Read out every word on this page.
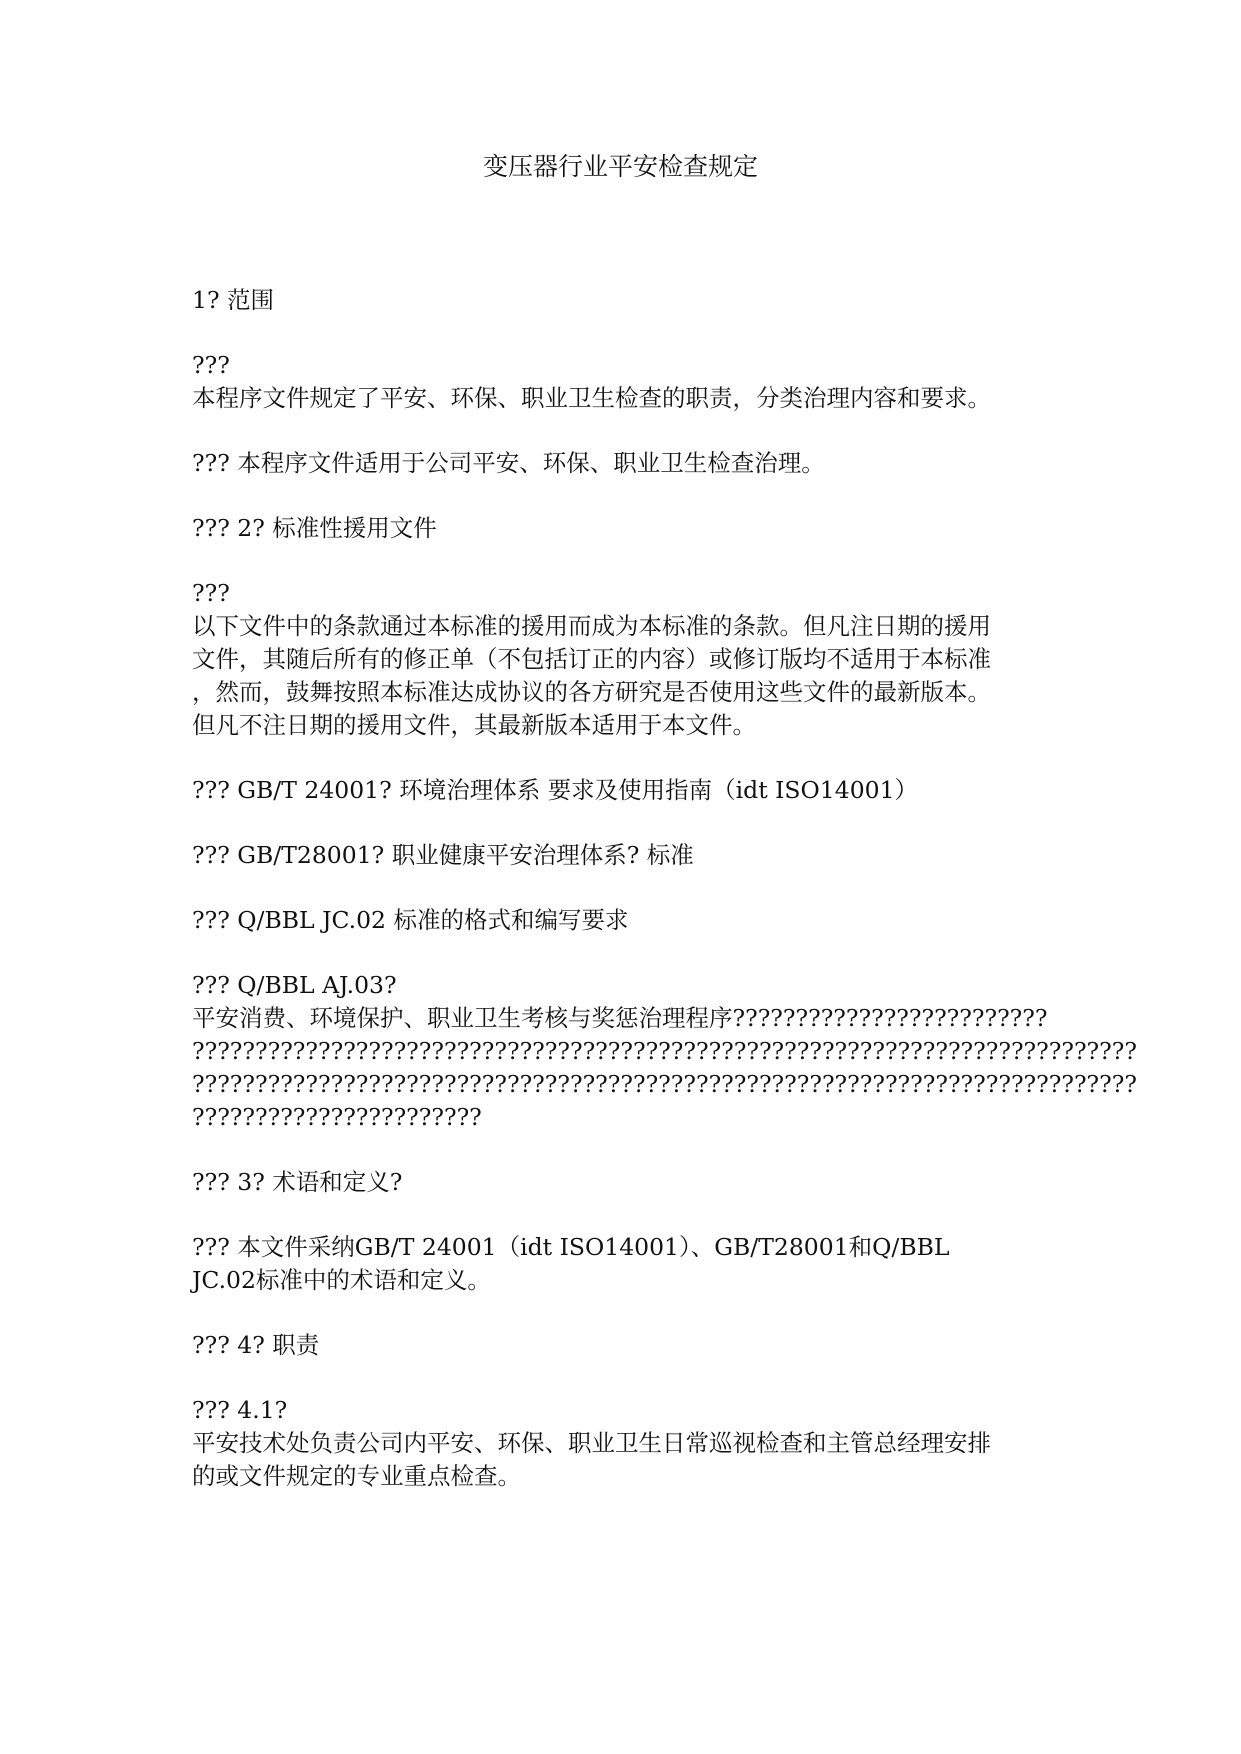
变压器行业平安检查规定
1? 范围
???
本程序文件规定了平安、环保、职业卫生检查的职责，分类治理内容和要求。
??? 本程序文件适用于公司平安、环保、职业卫生检查治理。
??? 2? 标准性援用文件
???
以下文件中的条款通过本标准的援用而成为本标准的条款。但凡注日期的援用
文件，其随后所有的修正单（不包括订正的内容）或修订版均不适用于本标准
，然而，鼓舞按照本标准达成协议的各方研究是否使用这些文件的最新版本。
但凡不注日期的援用文件，其最新版本适用于本文件。
??? GB/T 24001? 环境治理体系 要求及使用指南（idt ISO14001）
??? GB/T28001? 职业健康平安治理体系? 标准
??? Q/BBL JC.02 标准的格式和编写要求
??? Q/BBL AJ.03?
平安消费、环境保护、职业卫生考核与奖惩治理程序?????????????????????????
???????????????????????????????????????????????????????????????????????????
???????????????????????????????????????????????????????????????????????????
???????????????????????
??? 3? 术语和定义?
??? 本文件采纳GB/T 24001（idt ISO14001）、GB/T28001和Q/BBL
JC.02标准中的术语和定义。
??? 4? 职责
??? 4.1?
平安技术处负责公司内平安、环保、职业卫生日常巡视检查和主管总经理安排
的或文件规定的专业重点检查。
